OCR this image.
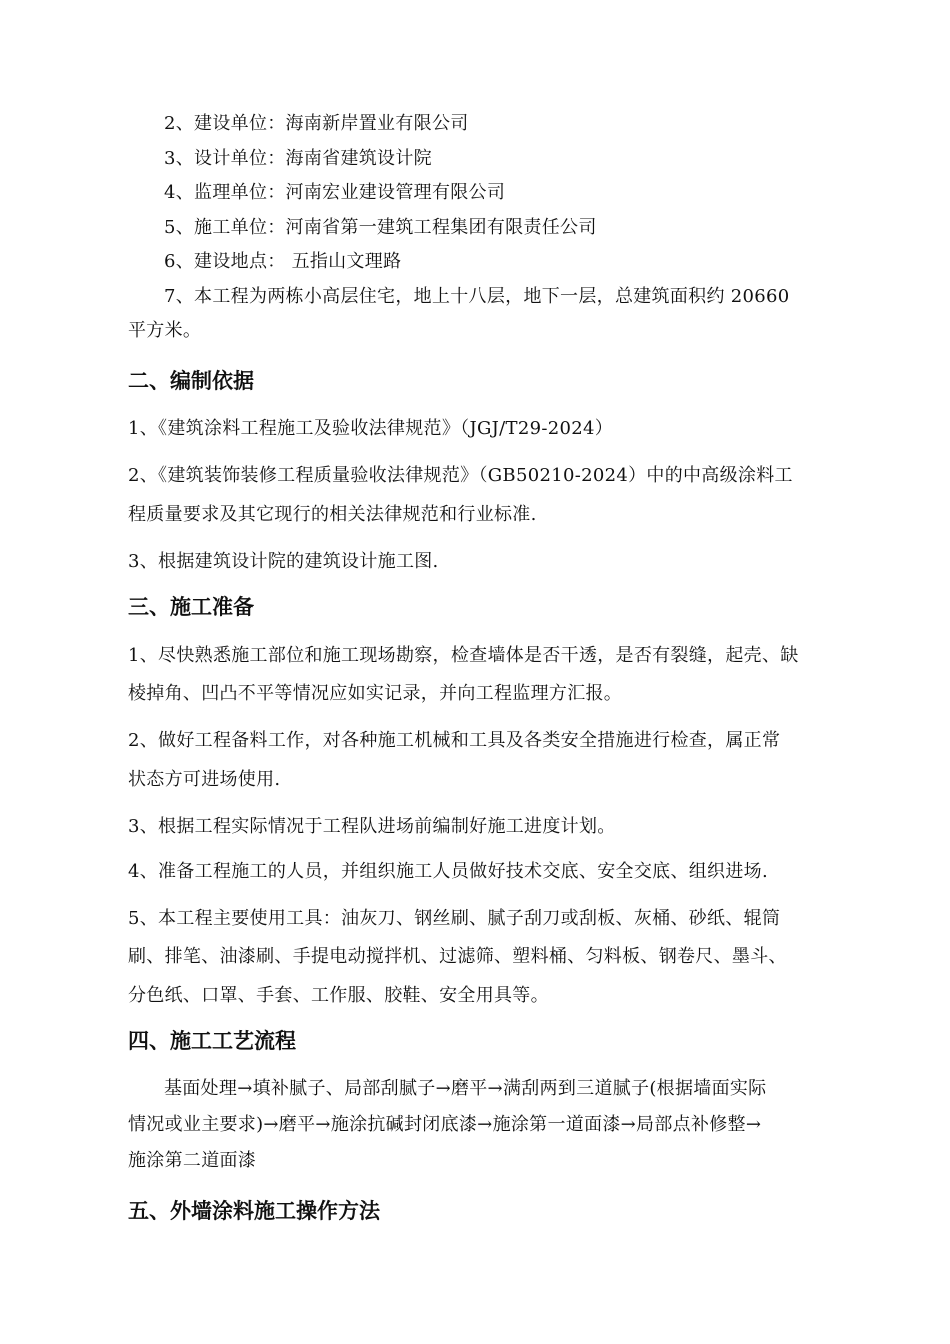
2、建设单位：海南新岸置业有限公司
3、设计单位：海南省建筑设计院
4、监理单位：河南宏业建设管理有限公司
5、施工单位：河南省第一建筑工程集团有限责任公司
6、建设地点： 五指山文理路
7、本工程为两栋小高层住宅，地上十八层，地下一层，总建筑面积约 20660
平方米。
二、编制依据
1、《建筑涂料工程施工及验收法律规范》（JGJ/T29-2024）
2、《建筑装饰装修工程质量验收法律规范》（GB50210-2024）中的中高级涂料工
程质量要求及其它现行的相关法律规范和行业标准.
3、根据建筑设计院的建筑设计施工图.
三、施工准备
1、尽快熟悉施工部位和施工现场勘察，检查墙体是否干透，是否有裂缝，起壳、缺
棱掉角、凹凸不平等情况应如实记录，并向工程监理方汇报。
2、做好工程备料工作，对各种施工机械和工具及各类安全措施进行检查，属正常
状态方可进场使用.
3、根据工程实际情况于工程队进场前编制好施工进度计划。
4、准备工程施工的人员，并组织施工人员做好技术交底、安全交底、组织进场.
5、本工程主要使用工具：油灰刀、钢丝刷、腻子刮刀或刮板、灰桶、砂纸、辊筒
刷、排笔、油漆刷、手提电动搅拌机、过滤筛、塑料桶、匀料板、钢卷尺、墨斗、
分色纸、口罩、手套、工作服、胶鞋、安全用具等。
四、施工工艺流程
基面处理→填补腻子、局部刮腻子→磨平→满刮两到三道腻子(根据墙面实际
情况或业主要求)→磨平→施涂抗碱封闭底漆→施涂第一道面漆→局部点补修整→
施涂第二道面漆
五、外墙涂料施工操作方法
